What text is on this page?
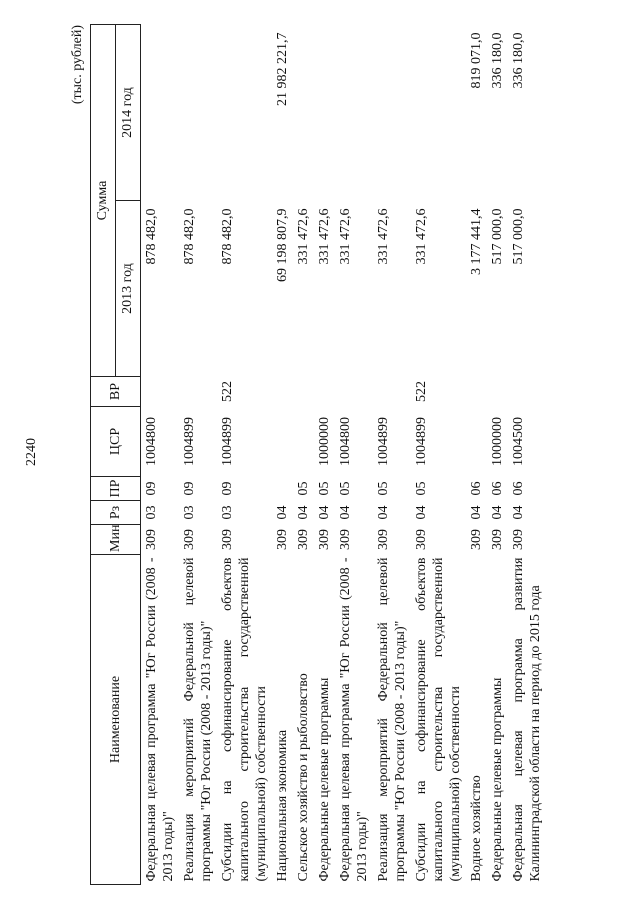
2240
(тыс. рублей)
Наименование	Мин	Рз	ПР	ЦСР	ВР	Сумма	
						2013 год	2014 год
Федеральная целевая программа "Юг России (2008 - 2013 годы)"	309	03	09	1004800		878 482,0	
Реализация мероприятий Федеральной целевой программы "Юг России (2008 - 2013 годы)"	309	03	09	1004899		878 482,0	
Субсидии на софинансирование объектов капитального строительства государственной (муниципальной) собственности	309	03	09	1004899	522	878 482,0	
Национальная экономика	309	04				69 198 807,9	21 982 221,7
Сельское хозяйство и рыболовство	309	04	05			331 472,6	
Федеральные целевые программы	309	04	05	1000000		331 472,6	
Федеральная целевая программа "Юг России (2008 - 2013 годы)"	309	04	05	1004800		331 472,6	
Реализация мероприятий Федеральной целевой программы "Юг России (2008 - 2013 годы)"	309	04	05	1004899		331 472,6	
Субсидии на софинансирование объектов капитального строительства государственной (муниципальной) собственности	309	04	05	1004899	522	331 472,6	
Водное хозяйство	309	04	06			3 177 441,4	819 071,0
Федеральные целевые программы	309	04	06	1000000		517 000,0	336 180,0
Федеральная целевая программа развития Калининградской области на период до 2015 года	309	04	06	1004500		517 000,0	336 180,0
